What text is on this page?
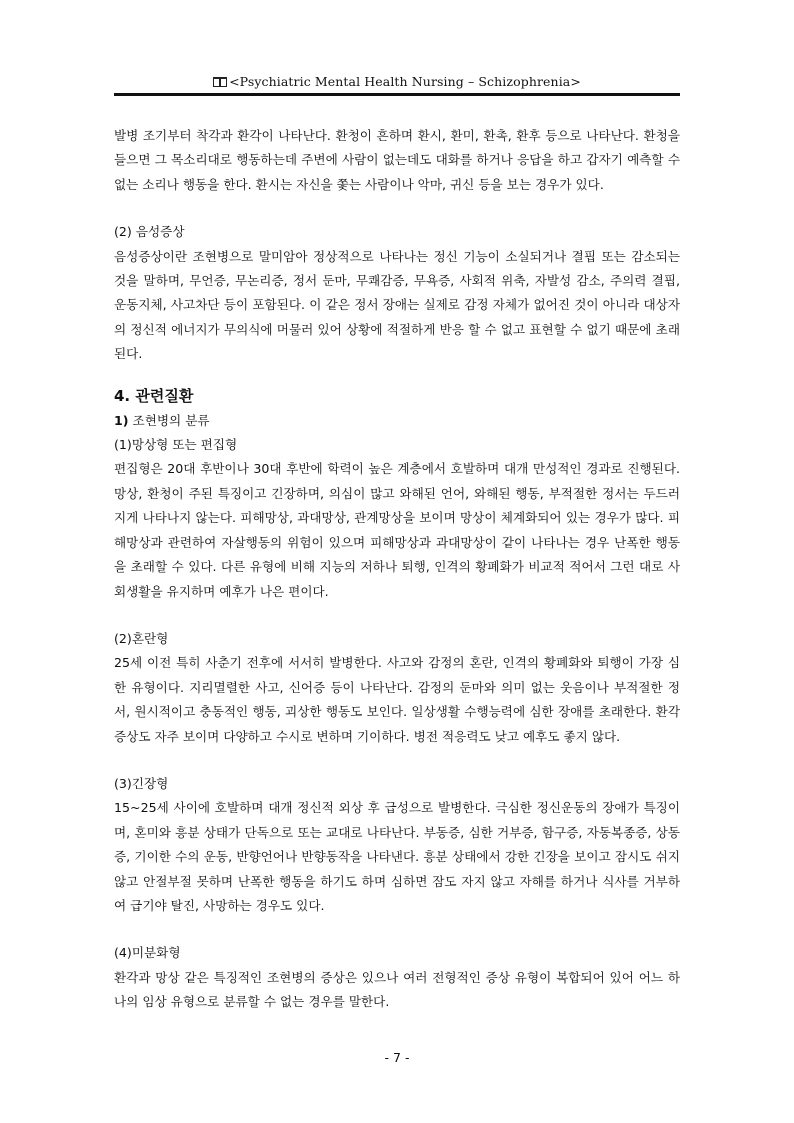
<Psychiatric Mental Health Nursing – Schizophrenia>

발병 조기부터 착각과 환각이 나타난다. 환청이 흔하며 환시, 환미, 환촉, 환후 등으로 나타난다. 환청을 들으면 그 목소리대로 행동하는데 주변에 사람이 없는데도 대화를 하거나 응답을 하고 갑자기 예측할 수 없는 소리나 행동을 한다. 환시는 자신을 쫓는 사람이나 악마, 귀신 등을 보는 경우가 있다.

(2) 음성증상

음성증상이란 조현병으로 말미암아 정상적으로 나타나는 정신 기능이 소실되거나 결핍 또는 감소되는 것을 말하며, 무언증, 무논리증, 정서 둔마, 무쾌감증, 무욕증, 사회적 위축, 자발성 감소, 주의력 결핍, 운동지체, 사고차단 등이 포함된다. 이 같은 정서 장애는 실제로 감정 자체가 없어진 것이 아니라 대상자의 정신적 에너지가 무의식에 머물러 있어 상황에 적절하게 반응 할 수 없고 표현할 수 없기 때문에 초래된다.

4. 관련질환
1) 조현병의 분류
(1)망상형 또는 편집형

편집형은 20대 후반이나 30대 후반에 학력이 높은 계층에서 호발하며 대개 만성적인 경과로 진행된다. 망상, 환청이 주된 특징이고 긴장하며, 의심이 많고 와해된 언어, 와해된 행동, 부적절한 정서는 두드러지게 나타나지 않는다. 피해망상, 과대망상, 관계망상을 보이며 망상이 체계화되어 있는 경우가 많다. 피해망상과 관련하여 자살행동의 위험이 있으며 피해망상과 과대망상이 같이 나타나는 경우 난폭한 행동을 초래할 수 있다. 다른 유형에 비해 지능의 저하나 퇴행, 인격의 황폐화가 비교적 적어서 그런 대로 사회생활을 유지하며 예후가 나은 편이다.

(2)혼란형

25세 이전 특히 사춘기 전후에 서서히 발병한다. 사고와 감정의 혼란, 인격의 황폐화와 퇴행이 가장 심한 유형이다. 지리멸렬한 사고, 신어증 등이 나타난다. 감정의 둔마와 의미 없는 웃음이나 부적절한 정서, 원시적이고 충동적인 행동, 괴상한 행동도 보인다. 일상생활 수행능력에 심한 장애를 초래한다. 환각 증상도 자주 보이며 다양하고 수시로 변하며 기이하다. 병전 적응력도 낮고 예후도 좋지 않다.

(3)긴장형

15~25세 사이에 호발하며 대개 정신적 외상 후 급성으로 발병한다. 극심한 정신운동의 장애가 특징이며, 혼미와 흥분 상태가 단독으로 또는 교대로 나타난다. 부동증, 심한 거부증, 함구증, 자동복종증, 상동증, 기이한 수의 운동, 반향언어나 반향동작을 나타낸다. 흥분 상태에서 강한 긴장을 보이고 잠시도 쉬지 않고 안절부절 못하며 난폭한 행동을 하기도 하며 심하면 잠도 자지 않고 자해를 하거나 식사를 거부하여 급기야 탈진, 사망하는 경우도 있다.

(4)미분화형

환각과 망상 같은 특징적인 조현병의 증상은 있으나 여러 전형적인 증상 유형이 복합되어 있어 어느 하나의 임상 유형으로 분류할 수 없는 경우를 말한다.

- 7 -
